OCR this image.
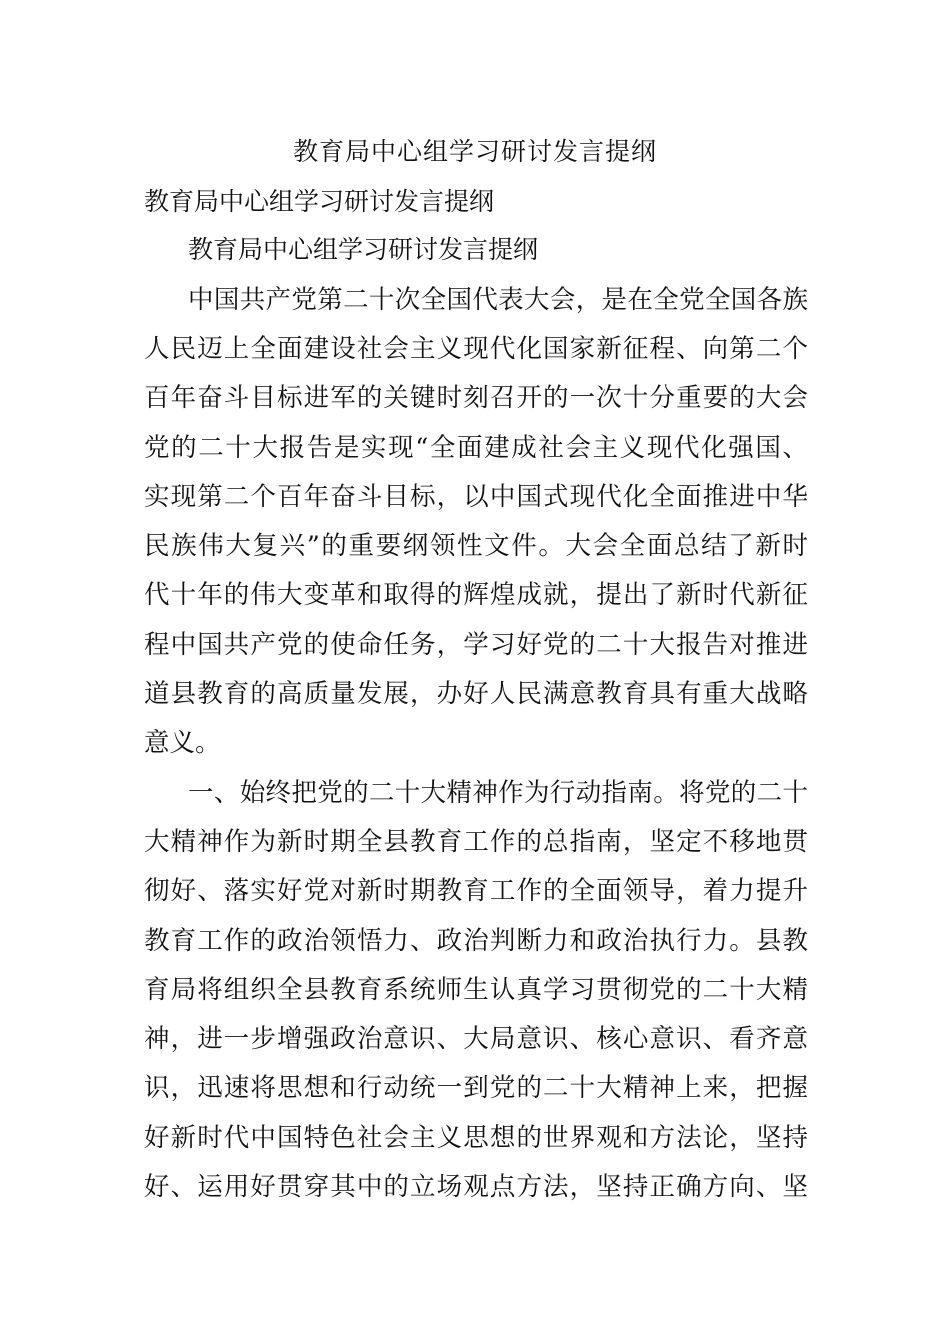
教育局中心组学习研讨发言提纲

教育局中心组学习研讨发言提纲

教育局中心组学习研讨发言提纲

中国共产党第二十次全国代表大会，是在全党全国各族

人民迈上全面建设社会主义现代化国家新征程、向第二个

百年奋斗目标进军的关键时刻召开的一次十分重要的大会

党的二十大报告是实现“全面建成社会主义现代化强国、

实现第二个百年奋斗目标，以中国式现代化全面推进中华

民族伟大复兴”的重要纲领性文件。大会全面总结了新时

代十年的伟大变革和取得的辉煌成就，提出了新时代新征

程中国共产党的使命任务，学习好党的二十大报告对推进

道县教育的高质量发展，办好人民满意教育具有重大战略

意义。

一、始终把党的二十大精神作为行动指南。将党的二十

大精神作为新时期全县教育工作的总指南，坚定不移地贯

彻好、落实好党对新时期教育工作的全面领导，着力提升

教育工作的政治领悟力、政治判断力和政治执行力。县教

育局将组织全县教育系统师生认真学习贯彻党的二十大精

神，进一步增强政治意识、大局意识、核心意识、看齐意

识，迅速将思想和行动统一到党的二十大精神上来，把握

好新时代中国特色社会主义思想的世界观和方法论，坚持

好、运用好贯穿其中的立场观点方法，坚持正确方向、坚
